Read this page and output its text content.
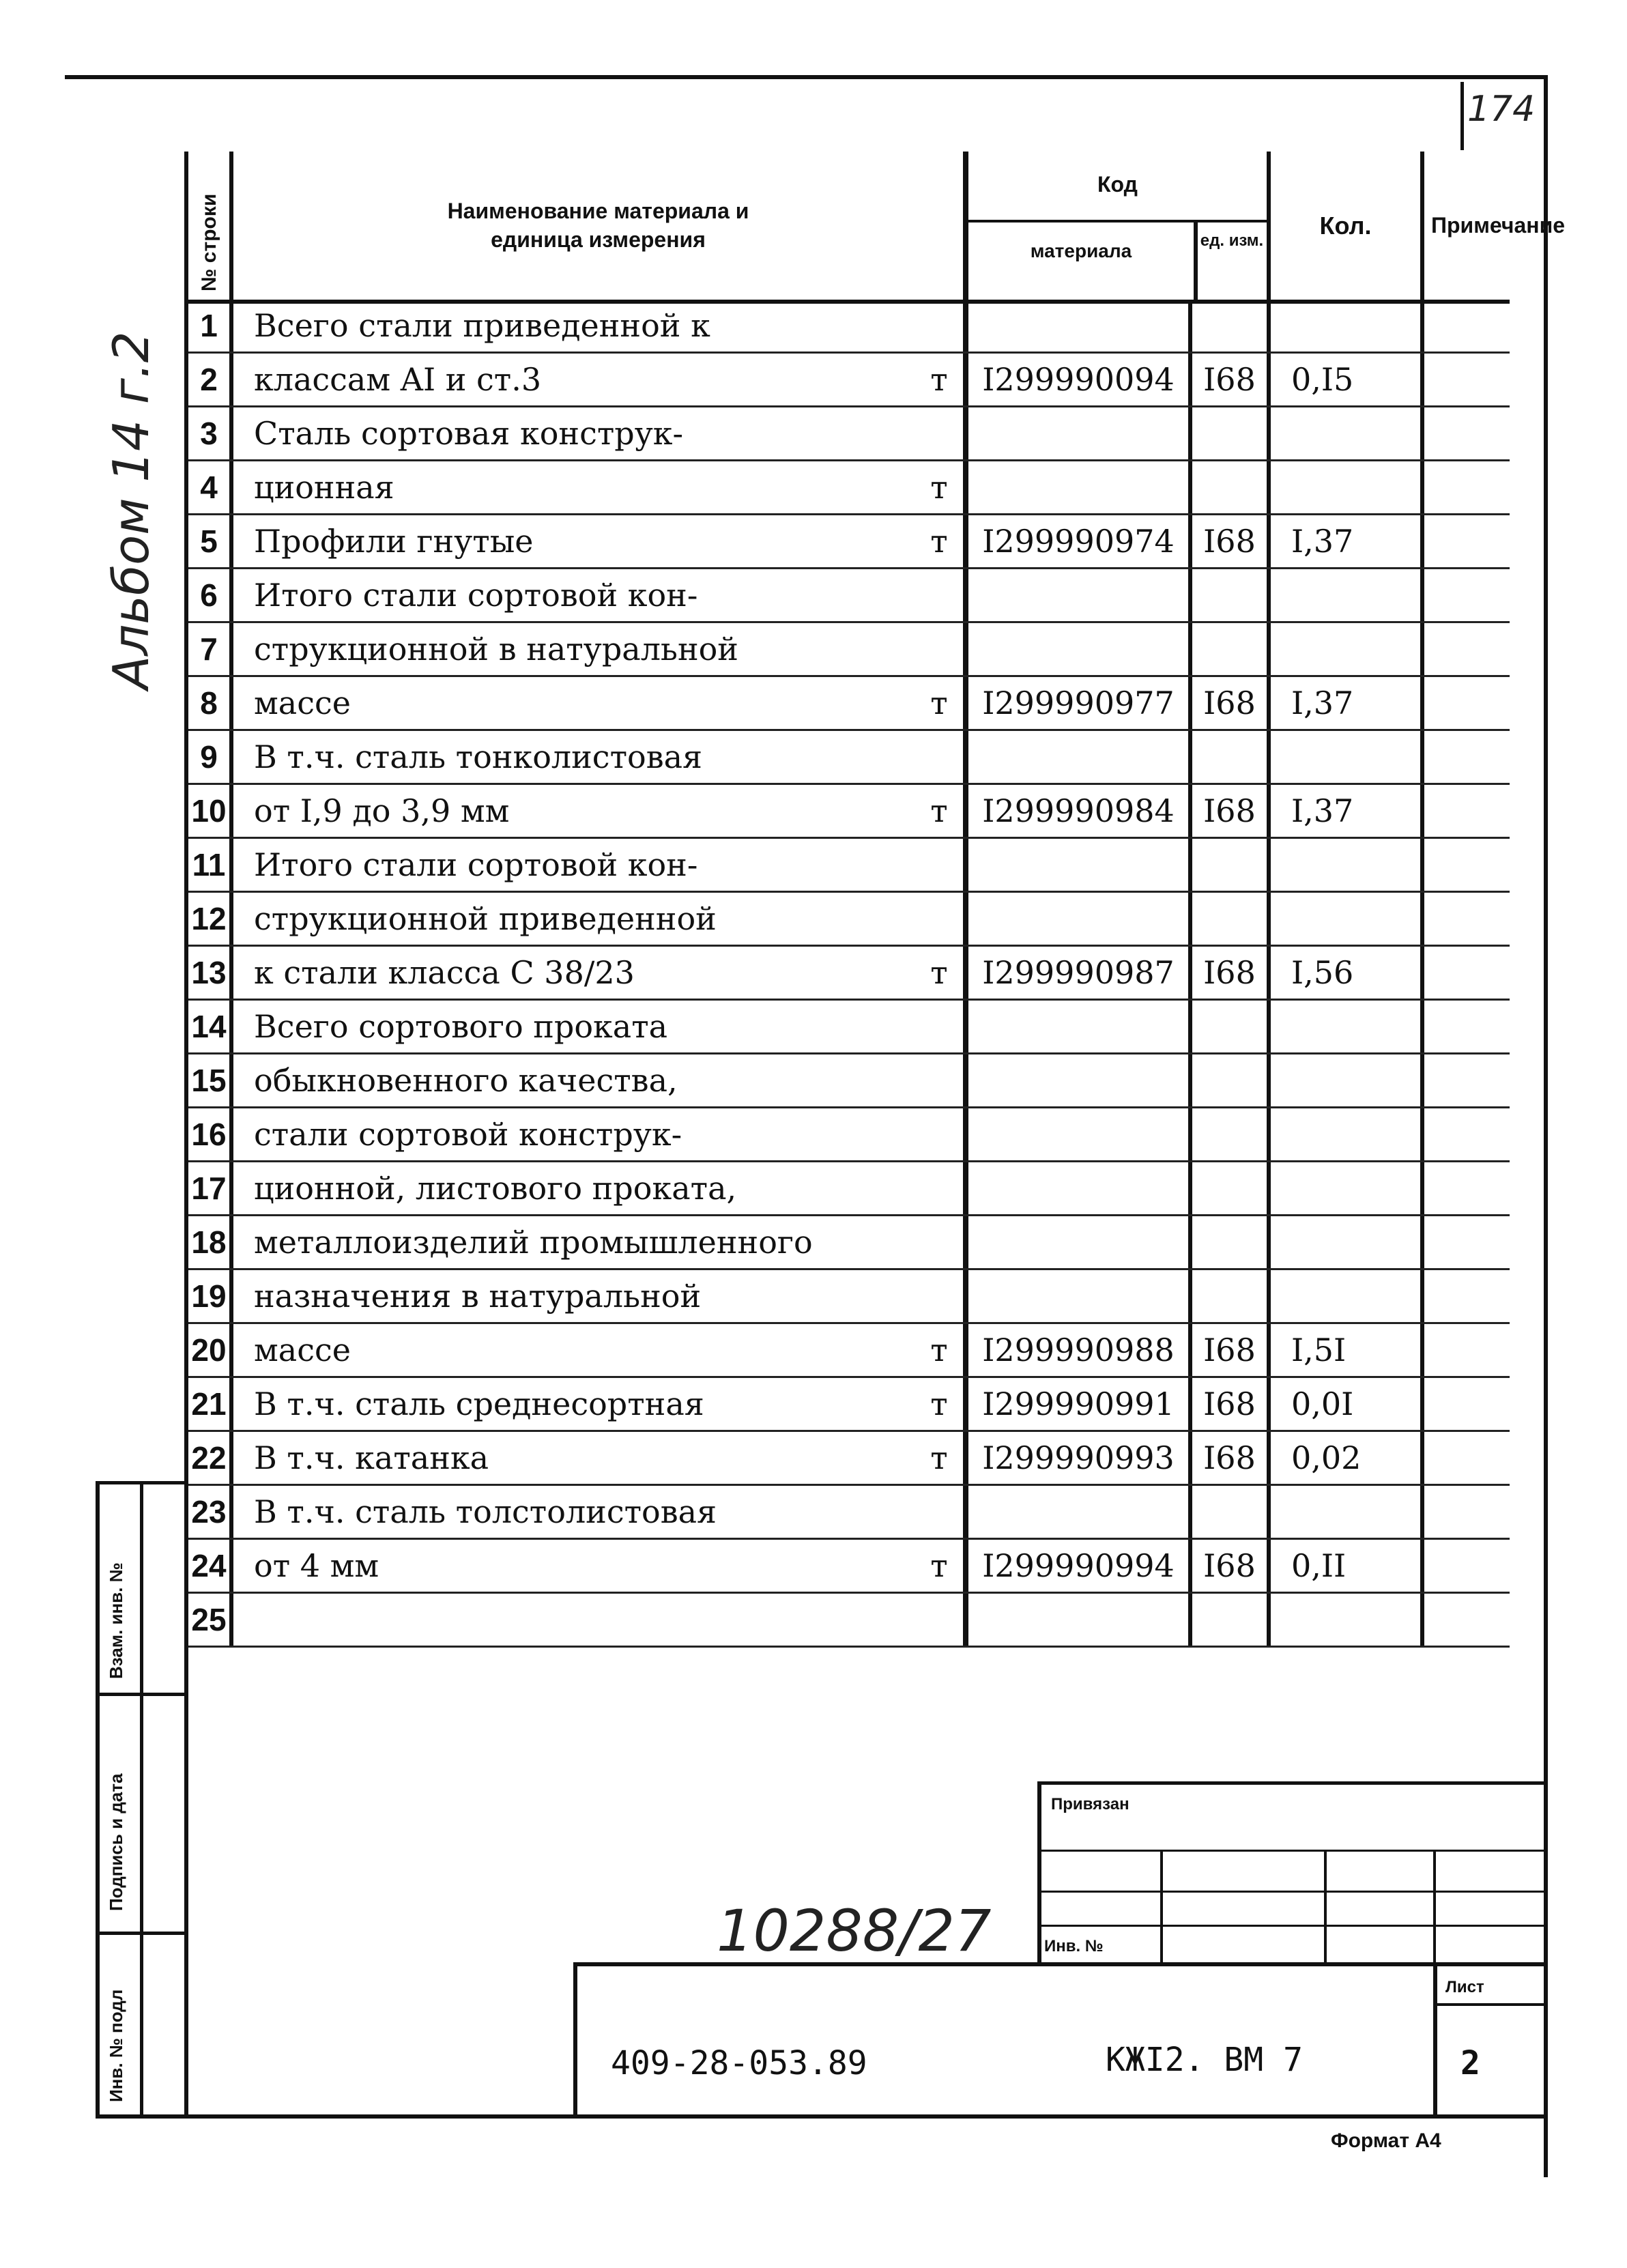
174
Альбом 14 г.2
№ строки	Наименование материала и единица измерения
Код
материала	ед. изм.
Кол.	Примечание
1	Всего стали приведенной к
2	классам AI и ст.3	т	I299990094 I68	0,I5
3	Сталь сортовая конструк-
4	ционная	т
5	Профили гнутые	т	I299990974 I68	I,37
6	Итого стали сортовой кон-
7	струкционной в натуральной
8	массе	т	I299990977 I68	I,37
9	В т.ч. сталь тонколистовая
10 от I,9 до 3,9 мм	т	I299990984 I68	I,37
11 Итого стали сортовой кон-
12 струкционной приведенной
13 к стали класса С 38/23	т	I299990987 I68	I,56
14 Всего сортового проката
15 обыкновенного качества,
16 стали сортовой конструк-
17 ционной, листового проката,
18 металлоизделий промышленного
19 назначения в натуральной
20 массе	т	I299990988 I68	I,5I
21 В т.ч. сталь среднесортная	т	I299990991 I68	0,0I
22 В т.ч. катанка	т	I299990993 I68	0,02
23 В т.ч. сталь толстолистовая
24 от 4 мм	т	I299990994 I68	0,II
25
Взам. инв. №
Подпись и дата
Инв. № подл
Привязан
Инв. №
Лист
2
409-28-053.89	КЖI2. ВМ 7
10288/27
Формат А4
